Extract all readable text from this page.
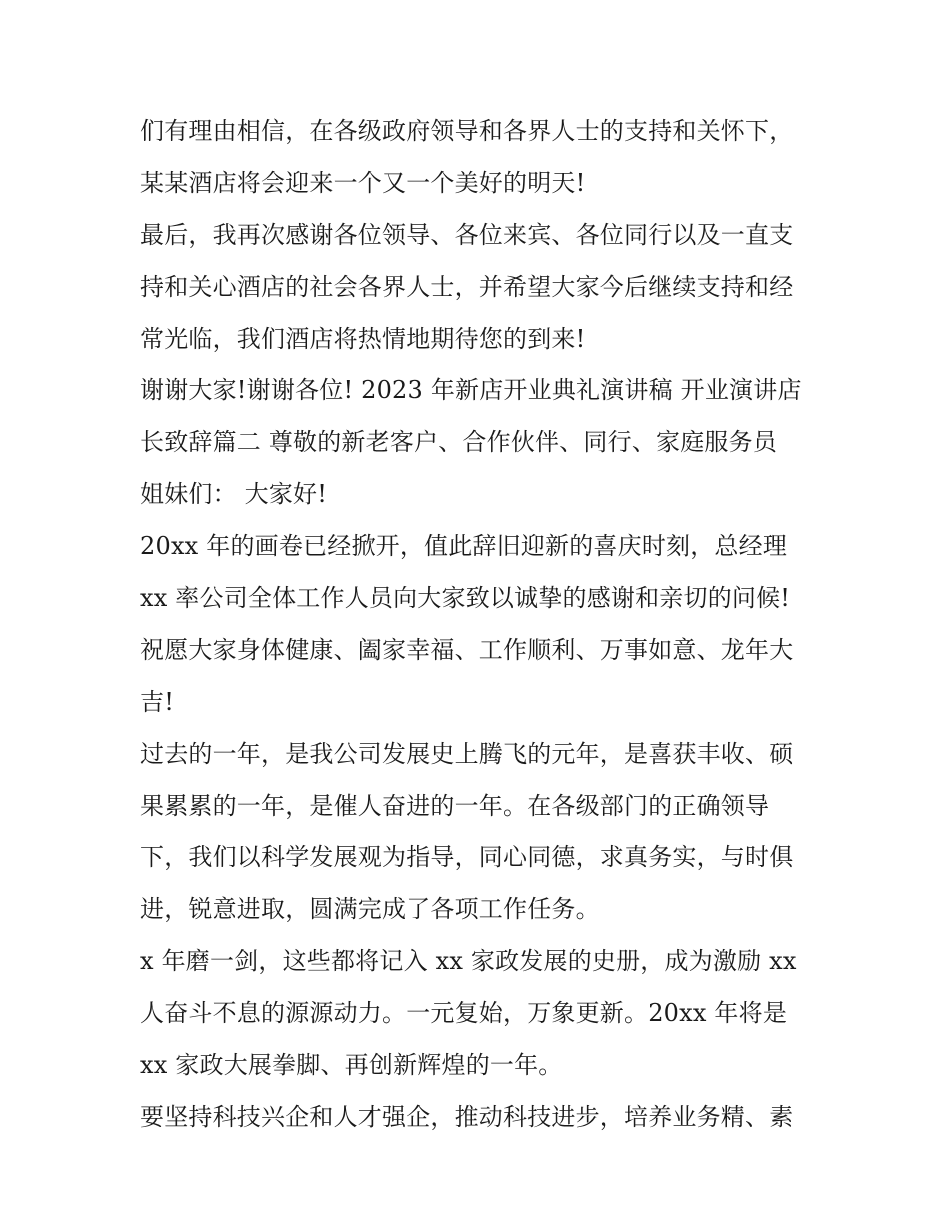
们有理由相信，在各级政府领导和各界人士的支持和关怀下，
某某酒店将会迎来一个又一个美好的明天!
最后，我再次感谢各位领导、各位来宾、各位同行以及一直支
持和关心酒店的社会各界人士，并希望大家今后继续支持和经
常光临，我们酒店将热情地期待您的到来!
谢谢大家!谢谢各位! 2023 年新店开业典礼演讲稿 开业演讲店
长致辞篇二 尊敬的新老客户、合作伙伴、同行、家庭服务员
姐妹们： 大家好!
20xx 年的画卷已经掀开，值此辞旧迎新的喜庆时刻，总经理
xx 率公司全体工作人员向大家致以诚挚的感谢和亲切的问候!
祝愿大家身体健康、阖家幸福、工作顺利、万事如意、龙年大
吉!
过去的一年，是我公司发展史上腾飞的元年，是喜获丰收、硕
果累累的一年，是催人奋进的一年。在各级部门的正确领导
下，我们以科学发展观为指导，同心同德，求真务实，与时俱
进，锐意进取，圆满完成了各项工作任务。
x 年磨一剑，这些都将记入 xx 家政发展的史册，成为激励 xx
人奋斗不息的源源动力。一元复始，万象更新。20xx 年将是
xx 家政大展拳脚、再创新辉煌的一年。
要坚持科技兴企和人才强企，推动科技进步，培养业务精、素
